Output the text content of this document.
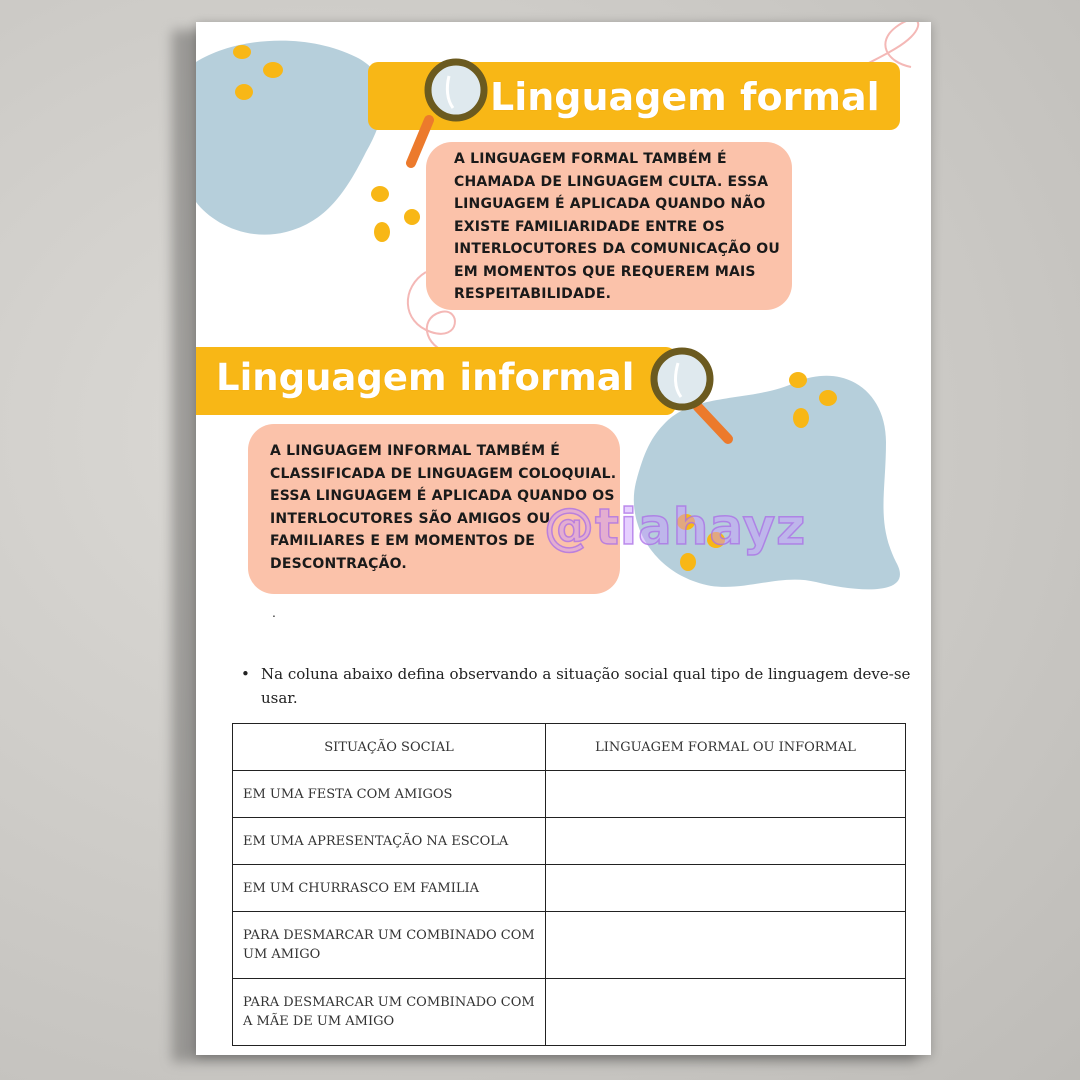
Linguagem formal
A LINGUAGEM FORMAL TAMBÉM É CHAMADA DE LINGUAGEM CULTA. ESSA LINGUAGEM É APLICADA QUANDO NÃO EXISTE FAMILIARIDADE ENTRE OS INTERLOCUTORES DA COMUNICAÇÃO OU EM MOMENTOS QUE REQUEREM MAIS RESPEITABILIDADE.
Linguagem informal
A LINGUAGEM INFORMAL TAMBÉM É CLASSIFICADA DE LINGUAGEM COLOQUIAL. ESSA LINGUAGEM É APLICADA QUANDO OS INTERLOCUTORES SÃO AMIGOS OU FAMILIARES E EM MOMENTOS DE DESCONTRAÇÃO.
.
• Na coluna abaixo defina observando a situação social qual tipo de linguagem deve-se usar.
SITUAÇÃO SOCIAL	LINGUAGEM FORMAL OU INFORMAL
EM UMA FESTA COM AMIGOS	
EM UMA APRESENTAÇÃO NA ESCOLA	
EM UM CHURRASCO EM FAMILIA	
PARA DESMARCAR UM COMBINADO COM UM AMIGO	
PARA DESMARCAR UM COMBINADO COM A MÃE DE UM AMIGO	
@tiahayz
